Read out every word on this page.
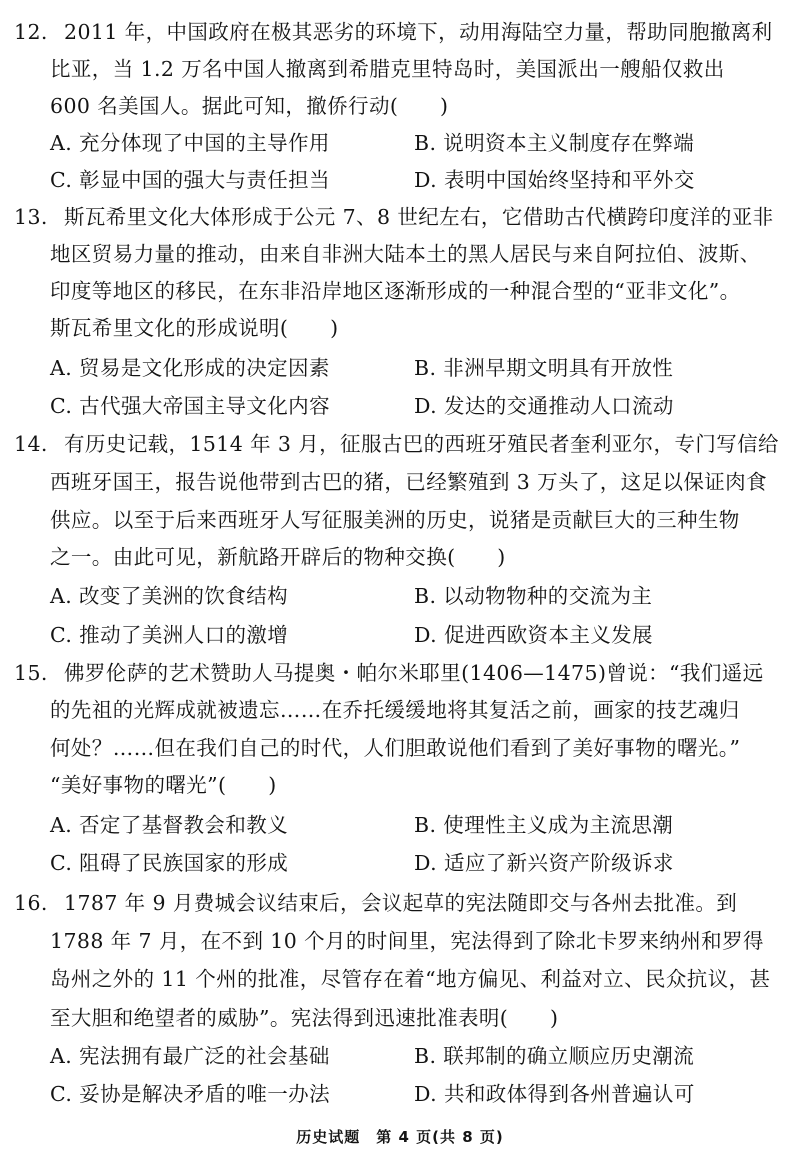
12. 2011 年，中国政府在极其恶劣的环境下，动用海陆空力量，帮助同胞撤离利
比亚，当 1.2 万名中国人撤离到希腊克里特岛时，美国派出一艘船仅救出
600 名美国人。据此可知，撤侨行动(　　)
A. 充分体现了中国的主导作用	B. 说明资本主义制度存在弊端
C. 彰显中国的强大与责任担当	D. 表明中国始终坚持和平外交
13. 斯瓦希里文化大体形成于公元 7、8 世纪左右，它借助古代横跨印度洋的亚非
地区贸易力量的推动，由来自非洲大陆本土的黑人居民与来自阿拉伯、波斯、
印度等地区的移民，在东非沿岸地区逐渐形成的一种混合型的“亚非文化”。
斯瓦希里文化的形成说明(　　)
A. 贸易是文化形成的决定因素	B. 非洲早期文明具有开放性
C. 古代强大帝国主导文化内容	D. 发达的交通推动人口流动
14. 有历史记载，1514 年 3 月，征服古巴的西班牙殖民者奎利亚尔，专门写信给
西班牙国王，报告说他带到古巴的猪，已经繁殖到 3 万头了，这足以保证肉食
供应。以至于后来西班牙人写征服美洲的历史，说猪是贡献巨大的三种生物
之一。由此可见，新航路开辟后的物种交换(　　)
A. 改变了美洲的饮食结构	B. 以动物物种的交流为主
C. 推动了美洲人口的激增	D. 促进西欧资本主义发展
15. 佛罗伦萨的艺术赞助人马提奥・帕尔米耶里(1406—1475)曾说：“我们遥远
的先祖的光辉成就被遗忘……在乔托缓缓地将其复活之前，画家的技艺魂归
何处？……但在我们自己的时代，人们胆敢说他们看到了美好事物的曙光。”
“美好事物的曙光”(　　)
A. 否定了基督教会和教义	B. 使理性主义成为主流思潮
C. 阻碍了民族国家的形成	D. 适应了新兴资产阶级诉求
16. 1787 年 9 月费城会议结束后，会议起草的宪法随即交与各州去批准。到
1788 年 7 月，在不到 10 个月的时间里，宪法得到了除北卡罗来纳州和罗得
岛州之外的 11 个州的批准，尽管存在着“地方偏见、利益对立、民众抗议，甚
至大胆和绝望者的威胁”。宪法得到迅速批准表明(　　)
A. 宪法拥有最广泛的社会基础	B. 联邦制的确立顺应历史潮流
C. 妥协是解决矛盾的唯一办法	D. 共和政体得到各州普遍认可
历史试题　第 4 页(共 8 页)
